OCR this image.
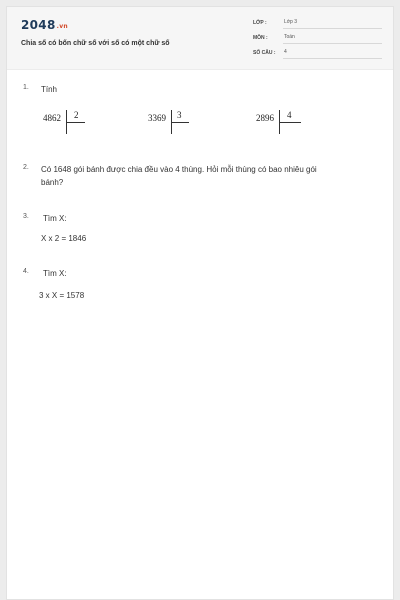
2048.vn
Chia số có bốn chữ số với số có một chữ số
LỚP :	Lớp 3
MÔN :	Toán
SỐ CÂU : 4
1. Tính
4862 2	3369 3	2896 4
2. Có 1648 gói bánh được chia đều vào 4 thùng. Hỏi mỗi thùng có bao nhiêu gói
bánh?
3. Tìm X:
X x 2 = 1846
4. Tìm X:
3 x X = 1578
